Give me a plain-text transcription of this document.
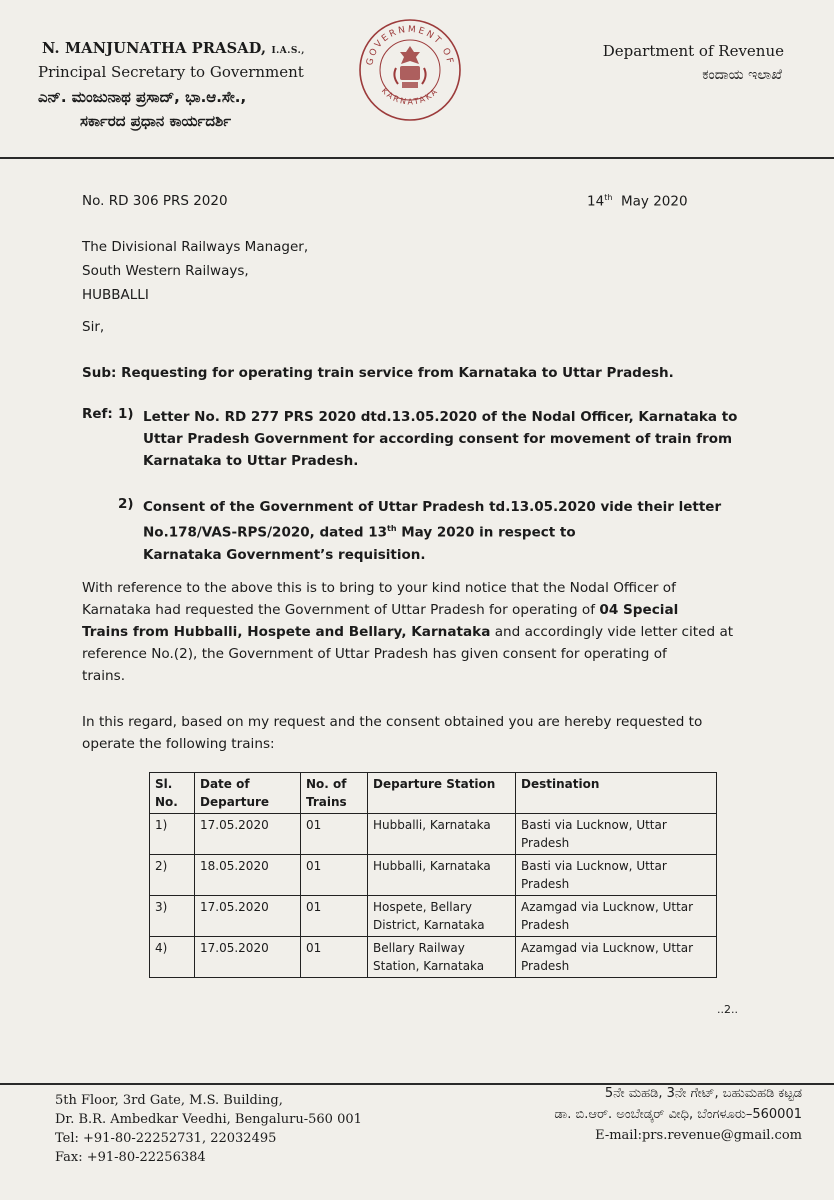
N. MANJUNATHA PRASAD, I.A.S.,
Principal Secretary to Government
ಎನ್. ಮಂಜುನಾಥ ಪ್ರಸಾದ್, ಭಾ.ಆ.ಸೇ.,
ಸರ್ಕಾರದ ಪ್ರಧಾನ ಕಾರ್ಯದರ್ಶಿ
GOVERNMENT OF
KARNATAKA
Department of Revenue
ಕಂದಾಯ ಇಲಾಖೆ
No. RD 306 PRS 2020	14th May 2020
The Divisional Railways Manager,
South Western Railways,
HUBBALLI
Sir,
Sub: Requesting for operating train service from Karnataka to Uttar Pradesh.
Ref: 1) Letter No. RD 277 PRS 2020 dtd.13.05.2020 of the Nodal Officer, Karnataka to
Uttar Pradesh Government for according consent for movement of train from
Karnataka to Uttar Pradesh.
2) Consent of the Government of Uttar Pradesh td.13.05.2020 vide their letter
No.178/VAS-RPS/2020, dated 13th May 2020 in respect to
Karnataka Government’s requisition.
With reference to the above this is to bring to your kind notice that the Nodal Officer of
Karnataka had requested the Government of Uttar Pradesh for operating of 04 Special
Trains from Hubballi, Hospete and Bellary, Karnataka and accordingly vide letter cited at
reference No.(2), the Government of Uttar Pradesh has given consent for operating of
trains.
In this regard, based on my request and the consent obtained you are hereby requested to
operate the following trains:
Sl. No.	Date of Departure	No. of Trains	Departure Station	Destination
1)	17.05.2020	01	Hubballi, Karnataka	Basti via Lucknow, Uttar Pradesh
2)	18.05.2020	01	Hubballi, Karnataka	Basti via Lucknow, Uttar Pradesh
3)	17.05.2020	01	Hospete, Bellary District, Karnataka	Azamgad via Lucknow, Uttar Pradesh
4)	17.05.2020	01	Bellary Railway Station, Karnataka	Azamgad via Lucknow, Uttar Pradesh
..2..
5th Floor, 3rd Gate, M.S. Building,
Dr. B.R. Ambedkar Veedhi, Bengaluru-560 001
Tel: +91-80-22252731, 22032495
Fax: +91-80-22256384
5ನೇ ಮಹಡಿ, 3ನೇ ಗೇಟ್, ಬಹುಮಹಡಿ ಕಟ್ಟಡ
ಡಾ. ಬಿ.ಆರ್. ಅಂಬೇಡ್ಕರ್ ವೀಧಿ, ಬೆಂಗಳೂರು–560001
E-mail:prs.revenue@gmail.com
